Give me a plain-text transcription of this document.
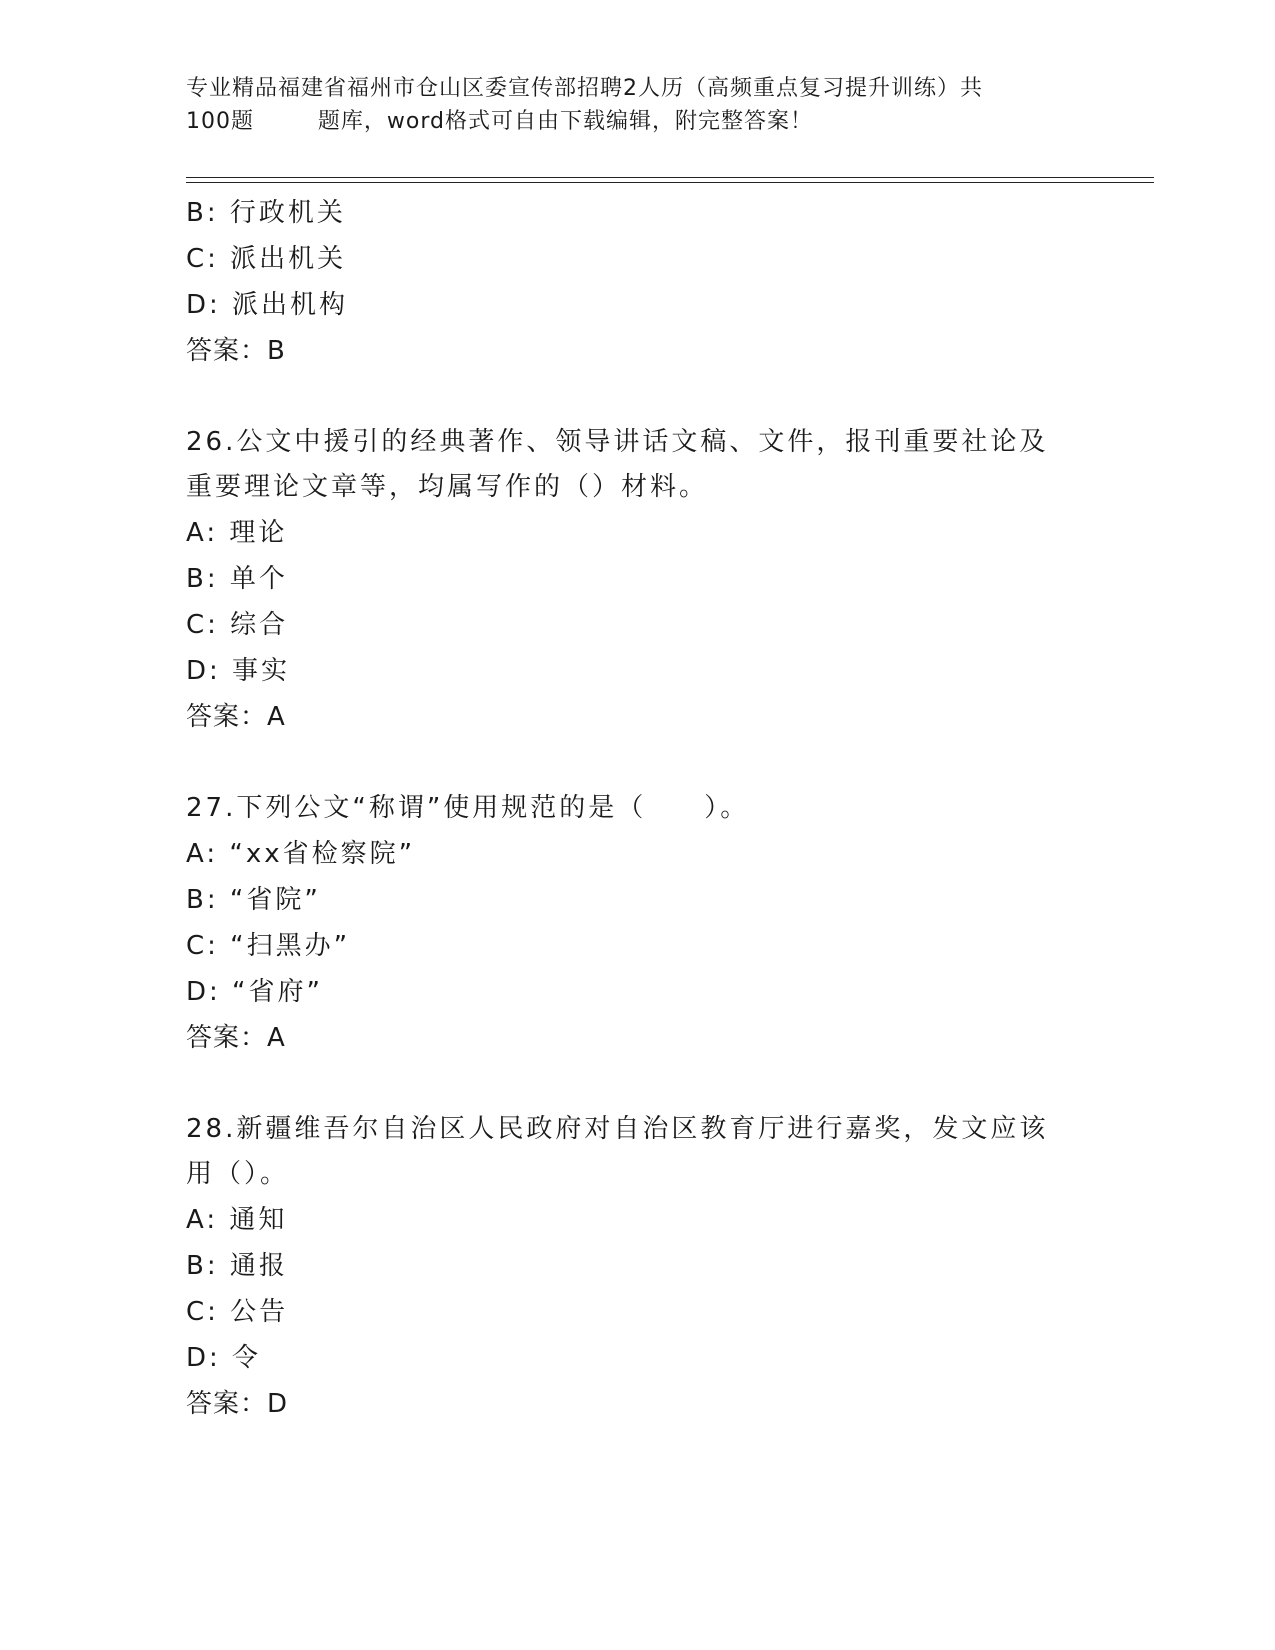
专业精品福建省福州市仓山区委宣传部招聘2人历（高频重点复习提升训练）共
100题        题库，word格式可自由下载编辑，附完整答案！
B: 行政机关
C: 派出机关
D: 派出机构
答案：B
26.公文中援引的经典著作、领导讲话文稿、文件，报刊重要社论及重要理论文章等，均属写作的（）材料。
A: 理论
B: 单个
C: 综合
D: 事实
答案：A
27.下列公文“称谓”使用规范的是（　　）。
A: “xx省检察院”
B: “省院”
C: “扫黑办”
D: “省府”
答案：A
28.新疆维吾尔自治区人民政府对自治区教育厅进行嘉奖，发文应该用（）。
A: 通知
B: 通报
C: 公告
D: 令
答案：D
